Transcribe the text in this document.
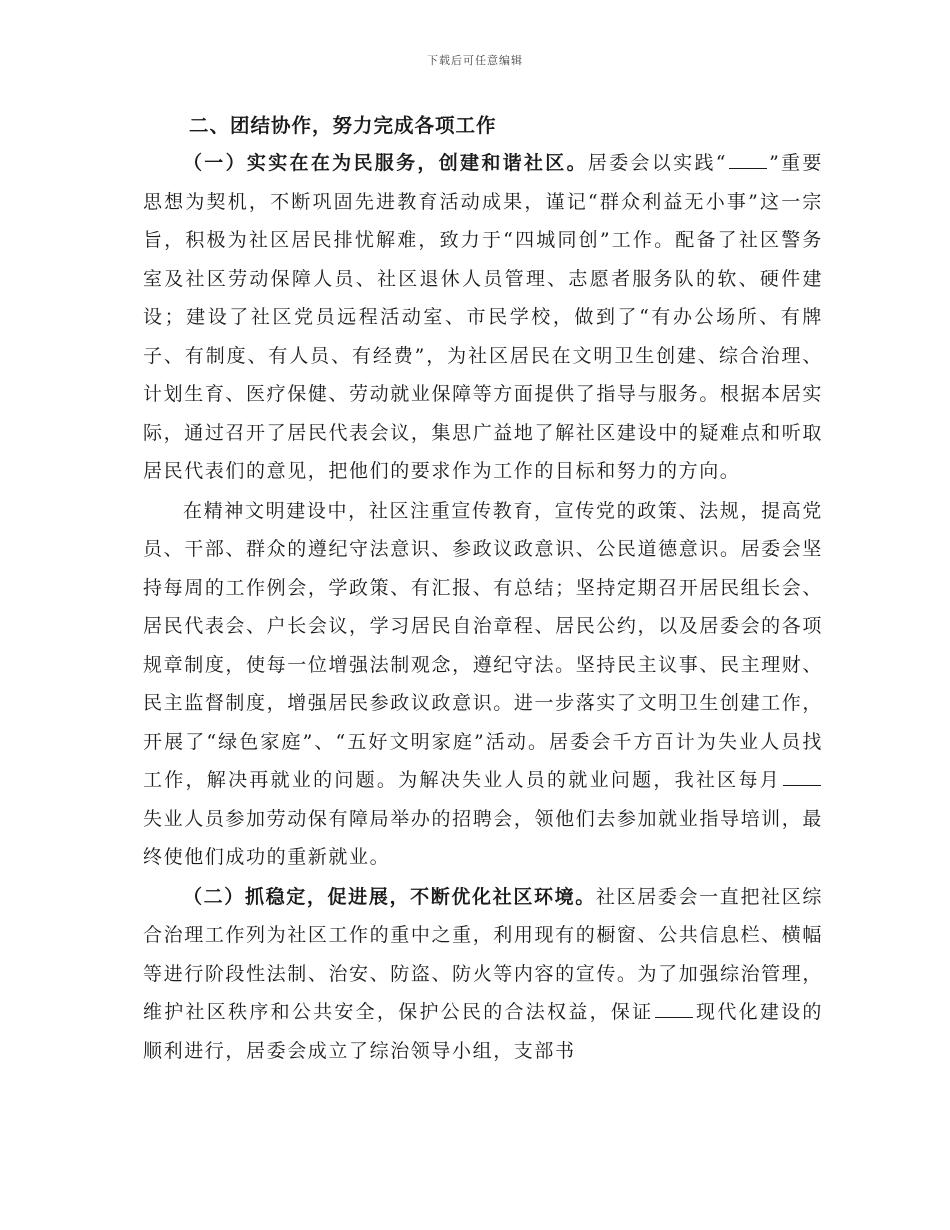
下载后可任意编辑
二、团结协作，努力完成各项工作

（一）实实在在为民服务，创建和谐社区。居委会以实践“ ”重要思想为契机，不断巩固先进教育活动成果，谨记“群众利益无小事”这一宗旨，积极为社区居民排忧解难，致力于“四城同创”工作。配备了社区警务室及社区劳动保障人员、社区退休人员管理、志愿者服务队的软、硬件建设；建设了社区党员远程活动室、市民学校，做到了“有办公场所、有牌子、有制度、有人员、有经费”，为社区居民在文明卫生创建、综合治理、计划生育、医疗保健、劳动就业保障等方面提供了指导与服务。根据本居实际，通过召开了居民代表会议，集思广益地了解社区建设中的疑难点和听取居民代表们的意见，把他们的要求作为工作的目标和努力的方向。

在精神文明建设中，社区注重宣传教育，宣传党的政策、法规，提高党员、干部、群众的遵纪守法意识、参政议政意识、公民道德意识。居委会坚持每周的工作例会，学政策、有汇报、有总结；坚持定期召开居民组长会、居民代表会、户长会议，学习居民自治章程、居民公约，以及居委会的各项规章制度，使每一位增强法制观念，遵纪守法。坚持民主议事、民主理财、民主监督制度，增强居民参政议政意识。进一步落实了文明卫生创建工作，开展了“绿色家庭”、“五好文明家庭”活动。居委会千方百计为失业人员找工作，解决再就业的问题。为解决失业人员的就业问题，我社区每月失业人员参加劳动保有障局举办的招聘会，领他们去参加就业指导培训，最终使他们成功的重新就业。

（二）抓稳定，促进展，不断优化社区环境。社区居委会一直把社区综合治理工作列为社区工作的重中之重，利用现有的橱窗、公共信息栏、横幅等进行阶段性法制、治安、防盗、防火等内容的宣传。为了加强综治管理，维护社区秩序和公共安全，保护公民的合法权益，保证 现代化建设的顺利进行，居委会成立了综治领导小组，支部书
